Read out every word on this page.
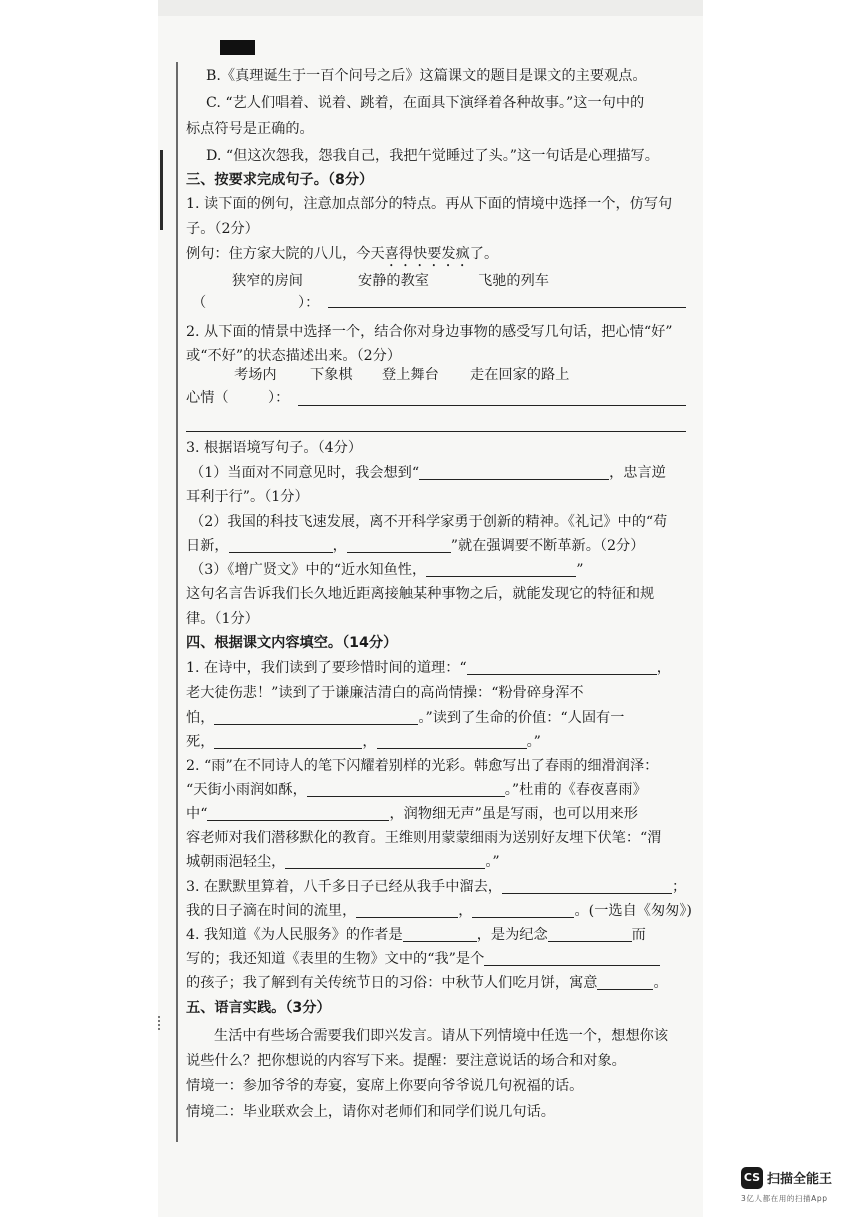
B.《真理诞生于一百个问号之后》这篇课文的题目是课文的主要观点。
C. “艺人们唱着、说着、跳着，在面具下演绎着各种故事。”这一句中的
标点符号是正确的。
D. “但这次怨我，怨我自己，我把午觉睡过了头。”这一句话是心理描写。
三、按要求完成句子。（8分）
1. 读下面的例句，注意加点部分的特点。再从下面的情境中选择一个，仿写句
子。（2分）
例句：住方家大院的八儿，今天喜得快要发疯了。
狭窄的房间	安静的教室	飞驰的列车
（	）：
2. 从下面的情景中选择一个，结合你对身边事物的感受写几句话，把心情“好”
或“不好”的状态描述出来。（2分）
考场内 下象棋 登上舞台 走在回家的路上
心情（	）：
3. 根据语境写句子。（4分）
（1）当面对不同意见时，我会想到“	，忠言逆
耳利于行”。（1分）
（2）我国的科技飞速发展，离不开科学家勇于创新的精神。《礼记》中的“苟
日新，	，	”就在强调要不断革新。（2分）
（3）《增广贤文》中的“近水知鱼性，	”
这句名言告诉我们长久地近距离接触某种事物之后，就能发现它的特征和规
律。（1分）
四、根据课文内容填空。（14分）
1. 在诗中，我们读到了要珍惜时间的道理：“	，
老大徒伤悲！”读到了于谦廉洁清白的高尚情操：“粉骨碎身浑不
怕，	。”读到了生命的价值：“人固有一
死，	，	。”
2. “雨”在不同诗人的笔下闪耀着别样的光彩。韩愈写出了春雨的细滑润泽：
“天街小雨润如酥，	。”杜甫的《春夜喜雨》
中“	，润物细无声”虽是写雨，也可以用来形
容老师对我们潜移默化的教育。王维则用蒙蒙细雨为送别好友埋下伏笔：“渭
城朝雨浥轻尘，	。”
3. 在默默里算着，八千多日子已经从我手中溜去，	；
我的日子滴在时间的流里，	，	。(一选自《匆匆》)
4. 我知道《为人民服务》的作者是	，是为纪念	而
写的；我还知道《表里的生物》文中的“我”是个
的孩子；我了解到有关传统节日的习俗：中秋节人们吃月饼，寓意	。
五、语言实践。（3分）
生活中有些场合需要我们即兴发言。请从下列情境中任选一个，想想你该
说些什么？把你想说的内容写下来。提醒：要注意说话的场合和对象。
情境一：参加爷爷的寿宴，宴席上你要向爷爷说几句祝福的话。
情境二：毕业联欢会上，请你对老师们和同学们说几句话。
CS 扫描全能王
3亿人都在用的扫描App
